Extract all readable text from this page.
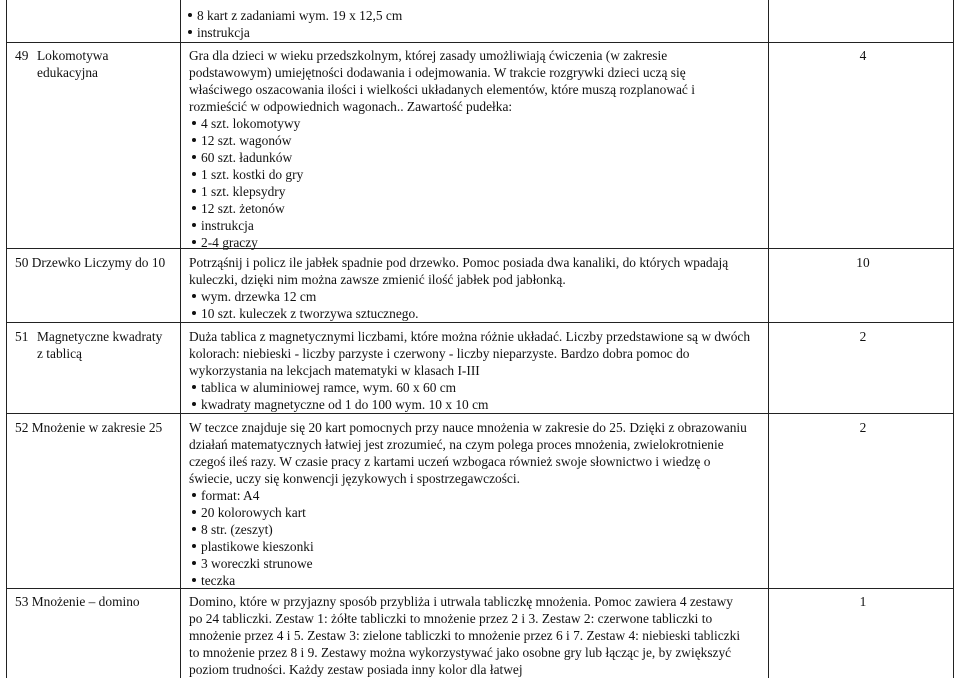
8 kart z zadaniami wym. 19 x 12,5 cm
instrukcja
49 Lokomotywa
edukacyjna
Gra dla dzieci w wieku przedszkolnym, której zasady umożliwiają ćwiczenia (w zakresie podstawowym) umiejętności dodawania i odejmowania. W trakcie rozgrywki dzieci uczą się właściwego oszacowania ilości i wielkości układanych elementów, które muszą rozplanować i rozmieścić w odpowiednich wagonach.. Zawartość pudełka:
4 szt. lokomotywy
12 szt. wagonów
60 szt. ładunków
1 szt. kostki do gry
1 szt. klepsydry
12 szt. żetonów
instrukcja
2-4 graczy
4
50 Drzewko Liczymy do 10 Potrząśnij i policz ile jabłek spadnie pod drzewko. Pomoc posiada dwa kanaliki, do których wpadają kuleczki, dzięki nim można zawsze zmienić ilość jabłek pod jabłonką.
wym. drzewka 12 cm
10 szt. kuleczek z tworzywa sztucznego.
10
51 Magnetyczne kwadraty
z tablicą
Duża tablica z magnetycznymi liczbami, które można różnie układać. Liczby przedstawione są w dwóch kolorach: niebieski - liczby parzyste i czerwony - liczby nieparzyste. Bardzo dobra pomoc do wykorzystania na lekcjach matematyki w klasach I-III
tablica w aluminiowej ramce, wym. 60 x 60 cm
kwadraty magnetyczne od 1 do 100 wym. 10 x 10 cm
2
52 Mnożenie w zakresie 25 W teczce znajduje się 20 kart pomocnych przy nauce mnożenia w zakresie do 25. Dzięki z obrazowaniu działań matematycznych łatwiej jest zrozumieć, na czym polega proces mnożenia, zwielokrotnienie czegoś ileś razy. W czasie pracy z kartami uczeń wzbogaca również swoje słownictwo i wiedzę o świecie, uczy się konwencji językowych i spostrzegawczości.
format: A4
20 kolorowych kart
8 str. (zeszyt)
plastikowe kieszonki
3 woreczki strunowe
teczka
2
53 Mnożenie – domino	Domino, które w przyjazny sposób przybliża i utrwala tabliczkę mnożenia. Pomoc zawiera 4 zestawy po 24 tabliczki. Zestaw 1: żółte tabliczki to mnożenie przez 2 i 3. Zestaw 2: czerwone tabliczki to mnożenie przez 4 i 5. Zestaw 3: zielone tabliczki to mnożenie przez 6 i 7. Zestaw 4: niebieski tabliczki to mnożenie przez 8 i 9. Zestawy można wykorzystywać jako osobne gry lub łącząc je, by zwiększyć poziom trudności. Każdy zestaw posiada inny kolor dla łatwej
1
